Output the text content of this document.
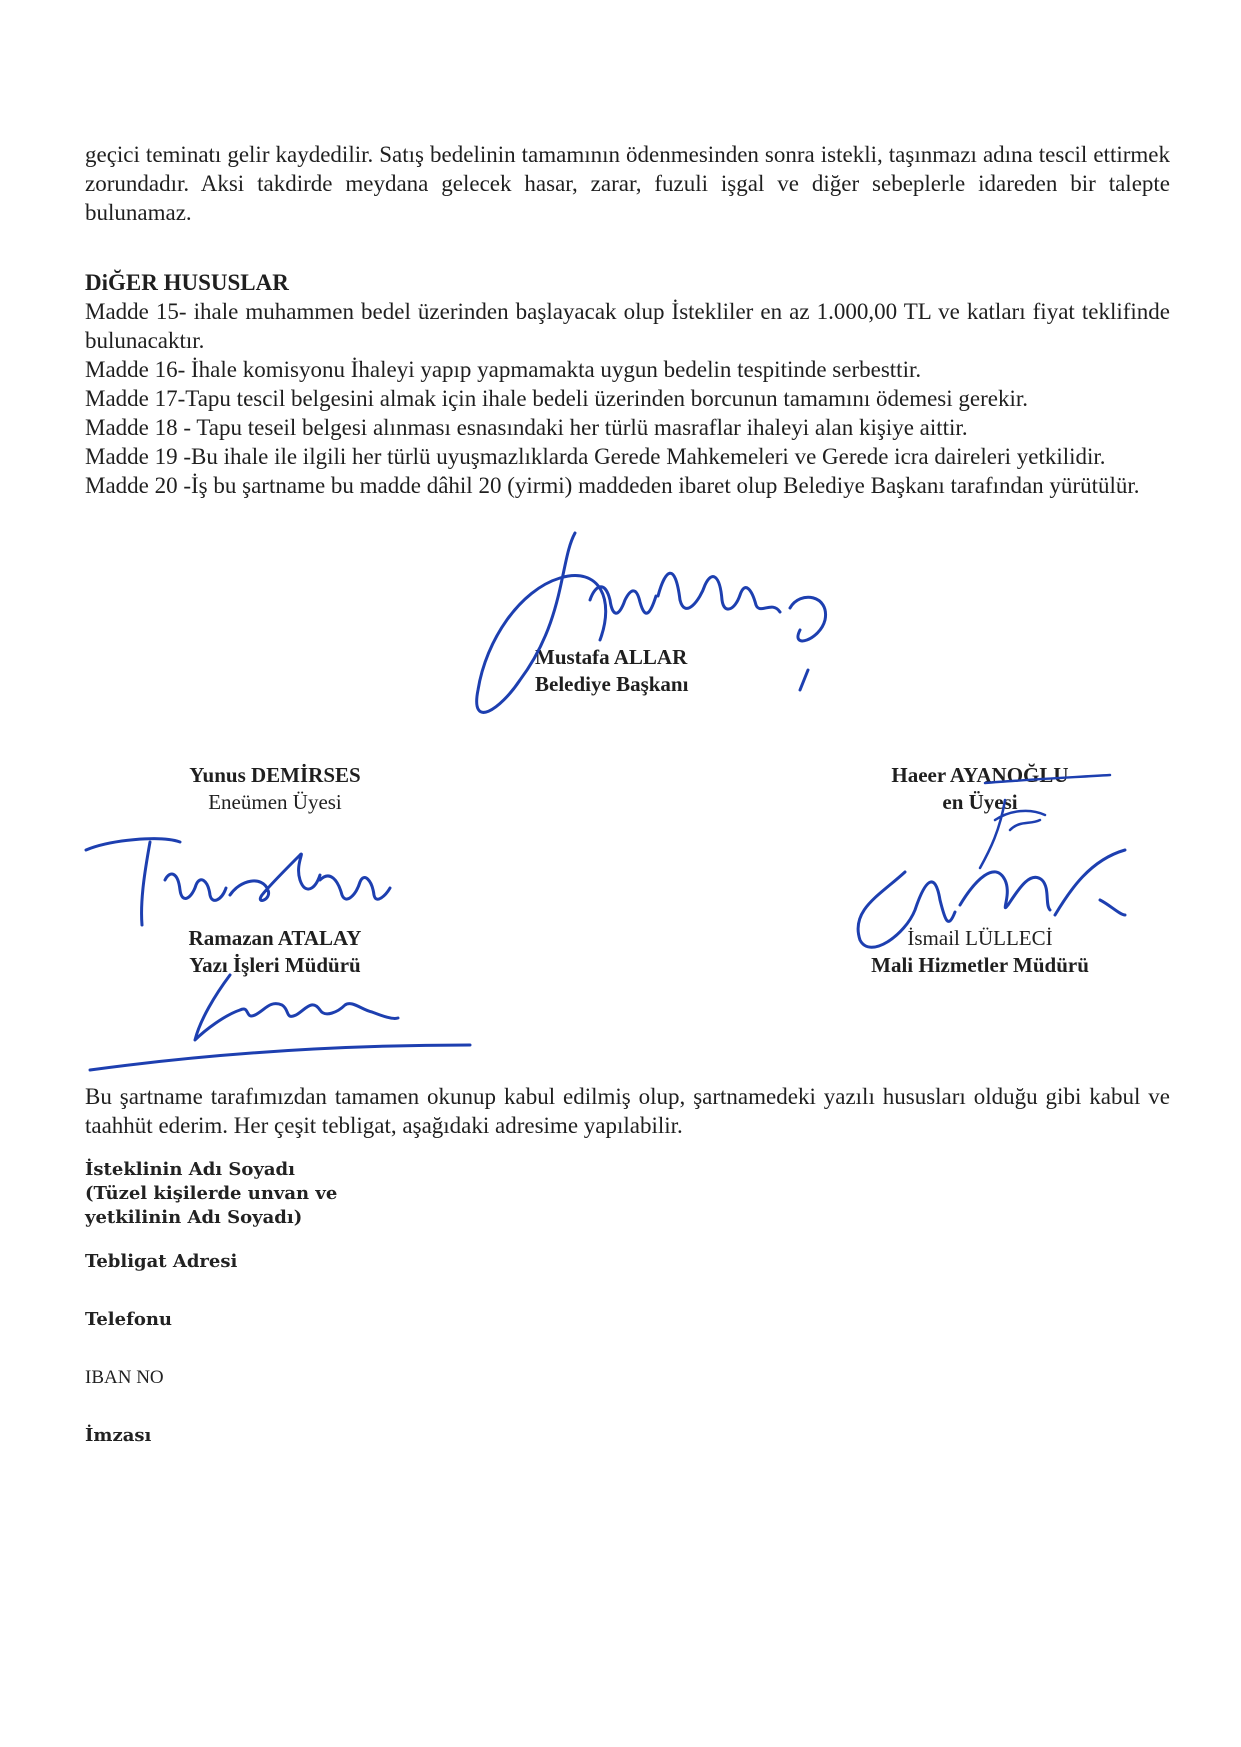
geçici teminatı gelir kaydedilir. Satış bedelinin tamamının ödenmesinden sonra istekli, taşınmazı adına tescil ettirmek zorundadır. Aksi takdirde meydana gelecek hasar, zarar, fuzuli işgal ve diğer sebeplerle idareden bir talepte bulunamaz.

DiĞER HUSUSLAR

Madde 15- ihale muhammen bedel üzerinden başlayacak olup İstekliler en az 1.000,00 TL ve katları fiyat teklifinde bulunacaktır.

Madde 16- İhale komisyonu İhaleyi yapıp yapmamakta uygun bedelin tespitinde serbesttir.

Madde 17-Tapu tescil belgesini almak için ihale bedeli üzerinden borcunun tamamını ödemesi gerekir.

Madde 18 - Tapu teseil belgesi alınması esnasındaki her türlü masraflar ihaleyi alan kişiye aittir.

Madde 19 -Bu ihale ile ilgili her türlü uyuşmazlıklarda Gerede Mahkemeleri ve Gerede icra daireleri yetkilidir.

Madde 20 -İş bu şartname bu madde dâhil 20 (yirmi) maddeden ibaret olup Belediye Başkanı tarafından yürütülür.

Mustafa ALLAR
Belediye Başkanı
Yunus DEMİRSES
Eneümen Üyesi
Haeer AYANOĞLU
en Üyesi
Ramazan ATALAY
Yazı İşleri Müdürü
İsmail LÜLLECİ
Mali Hizmetler Müdürü

Bu şartname tarafımızdan tamamen okunup kabul edilmiş olup, şartnamedeki yazılı hususları olduğu gibi kabul ve taahhüt ederim. Her çeşit tebligat, aşağıdaki adresime yapılabilir.

İsteklinin Adı Soyadı
(Tüzel kişilerde unvan ve
yetkilinin Adı Soyadı)
Tebligat Adresi
Telefonu
IBAN NO
İmzası
